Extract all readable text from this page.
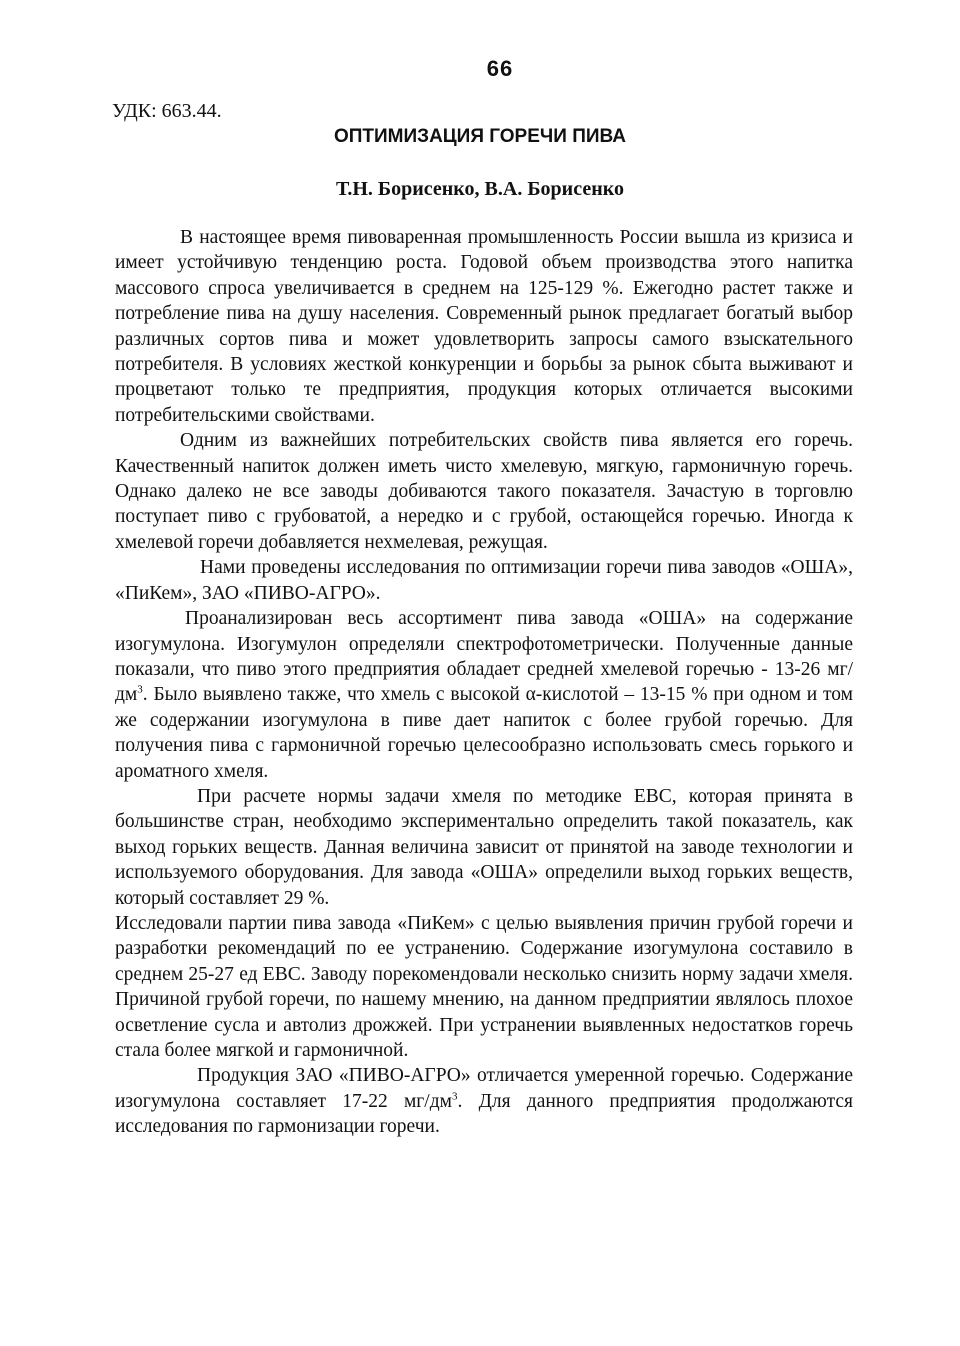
66
УДК: 663.44.
ОПТИМИЗАЦИЯ ГОРЕЧИ ПИВА
Т.Н. Борисенко, В.А. Борисенко

В настоящее время пивоваренная промышленность России вышла из кризиса и имеет устойчивую тенденцию роста. Годовой объем производства этого напитка массового спроса увеличивается в среднем на 125-129 %. Ежегодно растет также и потребление пива на душу населения. Современный рынок предлагает богатый выбор различных сортов пива и может удовлетворить запросы самого взыскательного потребителя. В условиях жесткой конкуренции и борьбы за рынок сбыта выживают и процветают только те предприятия, продукция которых отличается высокими потребительскими свойствами.

Одним из важнейших потребительских свойств пива является его горечь. Качественный напиток должен иметь чисто хмелевую, мягкую, гармоничную горечь. Однако далеко не все заводы добиваются такого показателя. Зачастую в торговлю поступает пиво с грубоватой, а нередко и с грубой, остающейся горечью. Иногда к хмелевой горечи добавляется нехмелевая, режущая.

Нами проведены исследования по оптимизации горечи пива заводов «ОША», «ПиКем», ЗАО «ПИВО-АГРО».

Проанализирован весь ассортимент пива завода «ОША» на содержание изогумулона. Изогумулон определяли спектрофотометрически. Полученные данные показали, что пиво этого предприятия обладает средней хмелевой горечью - 13-26 $мг/дм^3$. Было выявлено также, что хмель с высокой α-кислотой – 13-15 % при одном и том же содержании изогумулона в пиве дает напиток с более грубой горечью. Для получения пива с гармоничной горечью целесообразно использовать смесь горького и ароматного хмеля.

При расчете нормы задачи хмеля по методике ЕВС, которая принята в большинстве стран, необходимо экспериментально определить такой показатель, как выход горьких веществ. Данная величина зависит от принятой на заводе технологии и используемого оборудования. Для завода «ОША» определили выход горьких веществ, который составляет 29 %.

Исследовали партии пива завода «ПиКем» с целью выявления причин грубой горечи и разработки рекомендаций по ее устранению. Содержание изогумулона составило в среднем 25-27 ед ЕВС. Заводу порекомендовали несколько снизить норму задачи хмеля. Причиной грубой горечи, по нашему мнению, на данном предприятии являлось плохое осветление сусла и автолиз дрожжей. При устранении выявленных недостатков горечь стала более мягкой и гармоничной.

Продукция ЗАО «ПИВО-АГРО» отличается умеренной горечью. Содержание изогумулона составляет 17-22 $мг/дм^3$. Для данного предприятия продолжаются исследования по гармонизации горечи.
